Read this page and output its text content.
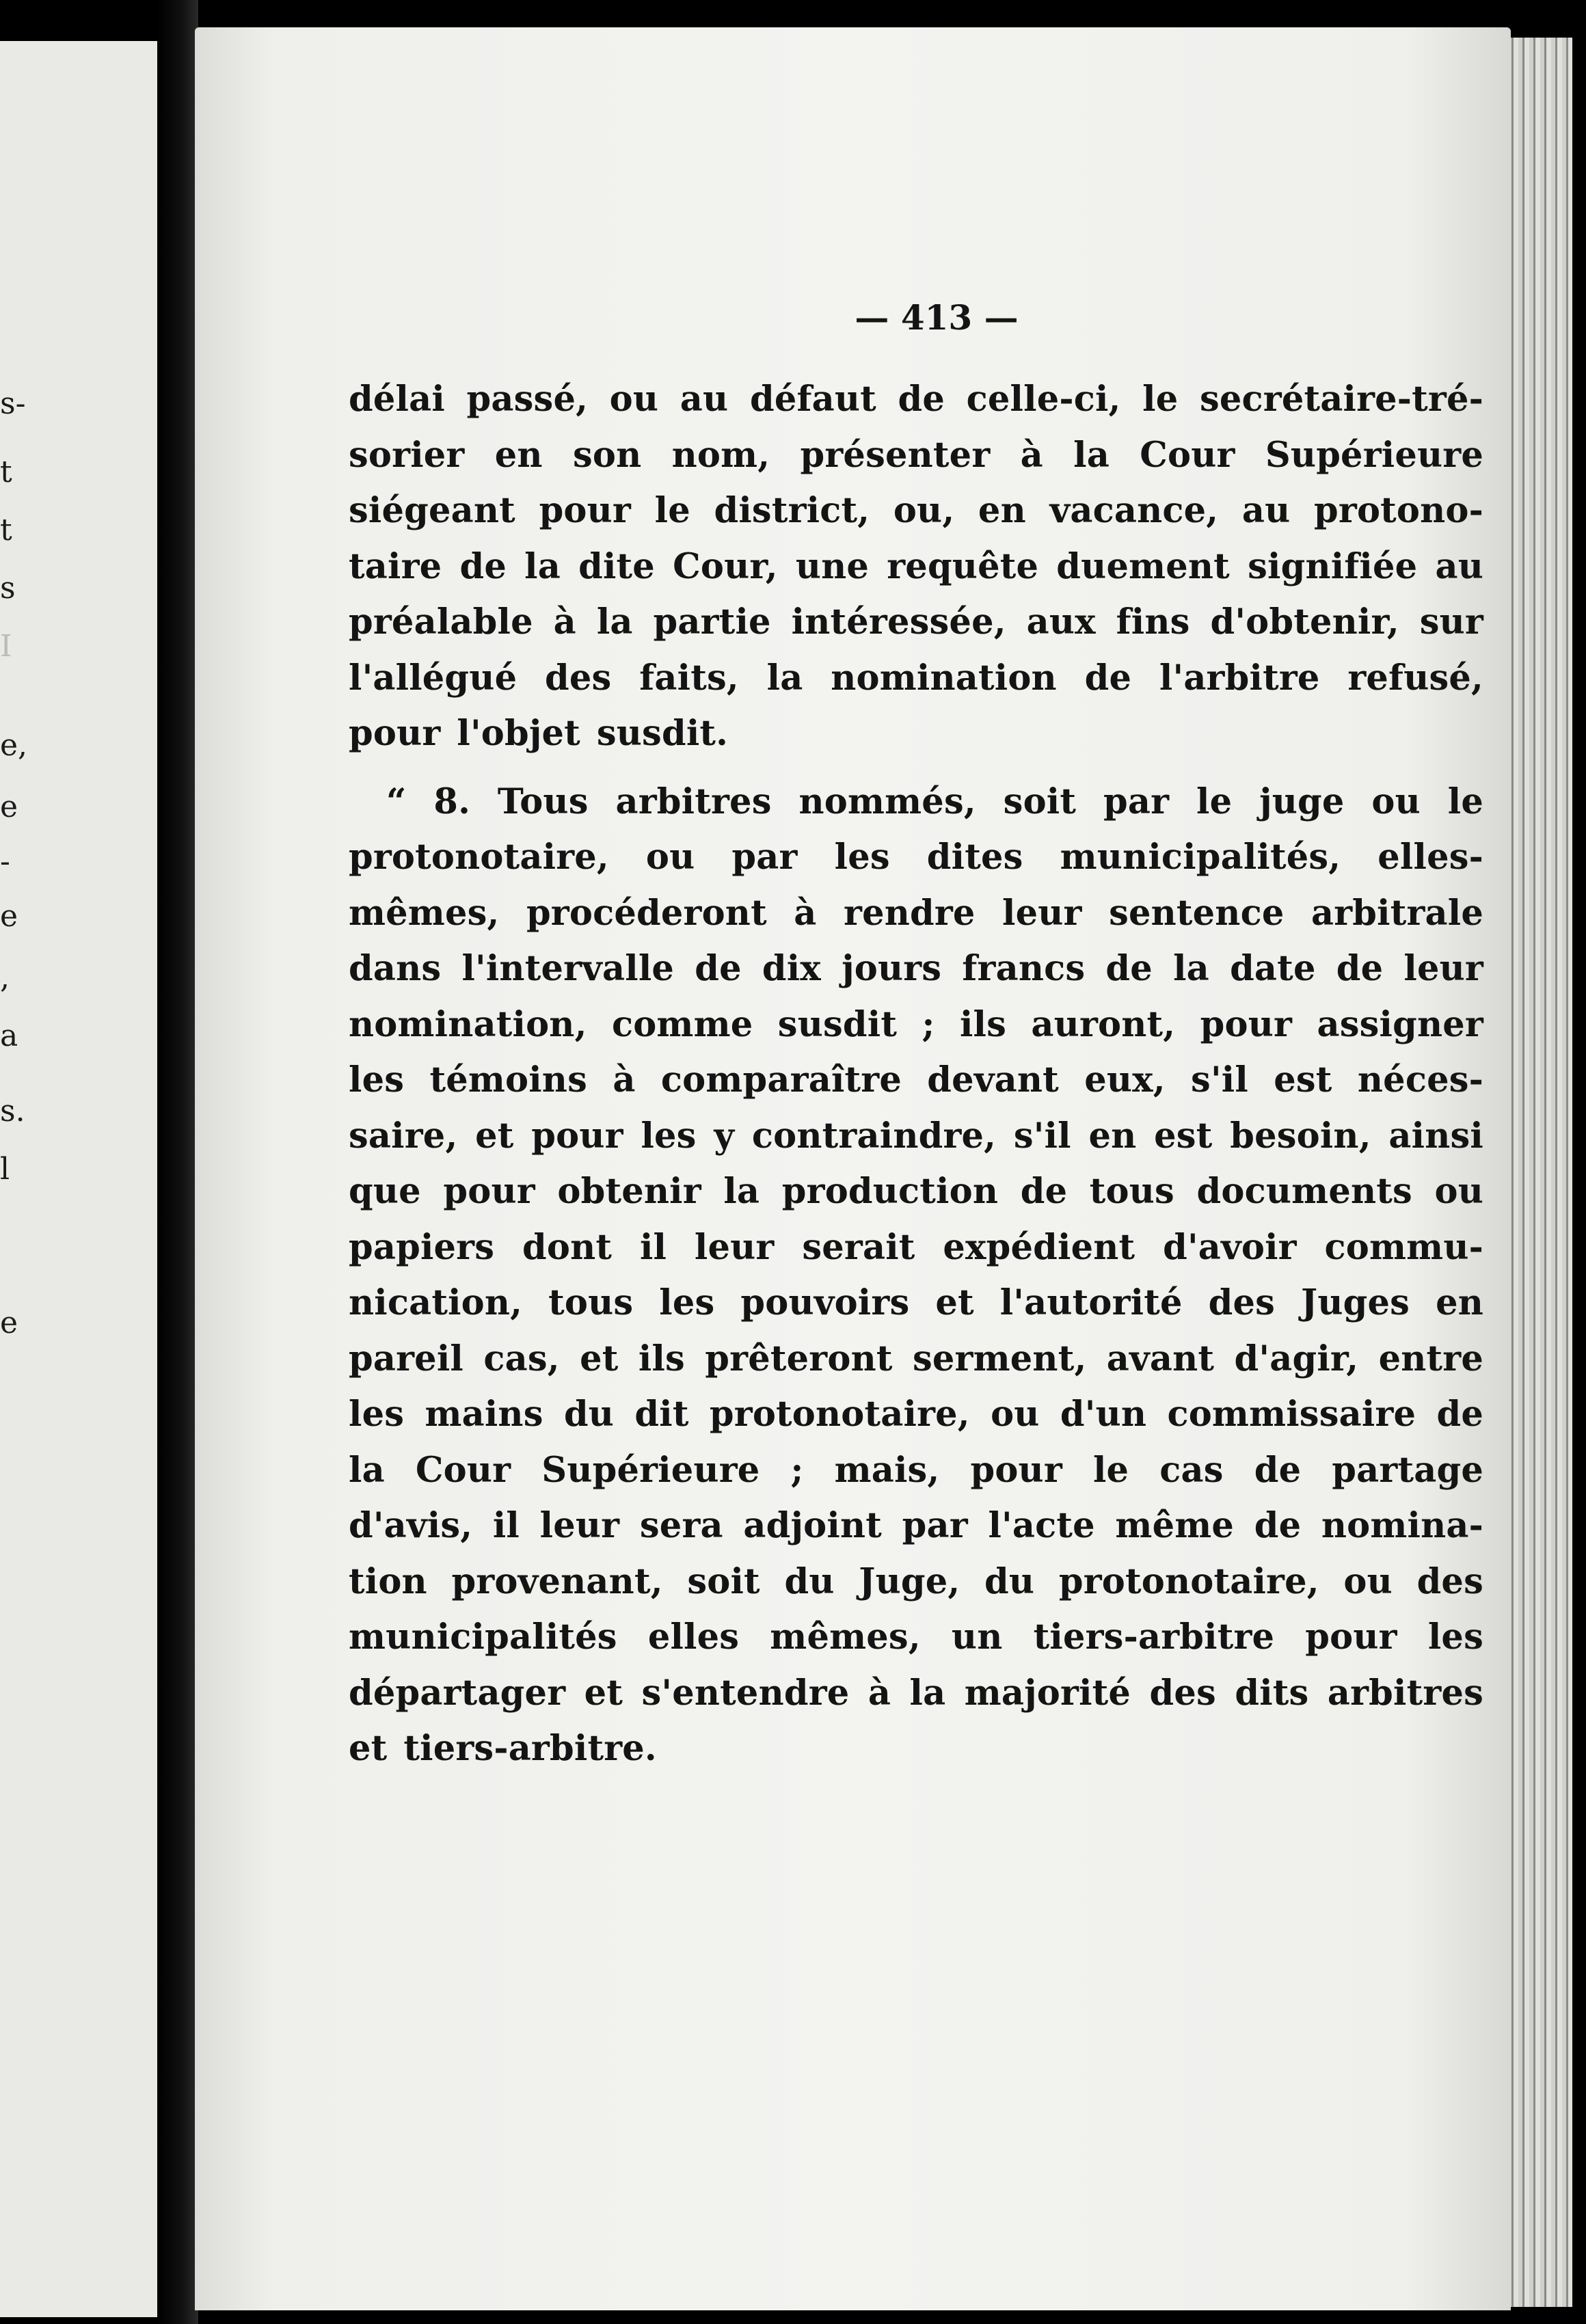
s-
t
t
s
I
e,
e
-
e
,
a
s.
l
e
— 413 —
délai passé, ou au défaut de celle-ci, le secrétaire-tré-
sorier en son nom, présenter à la Cour Supérieure
siégeant pour le district, ou, en vacance, au protono-
taire de la dite Cour, une requête duement signifiée au
préalable à la partie intéressée, aux fins d'obtenir, sur
l'allégué des faits, la nomination de l'arbitre refusé,
pour l'objet susdit.
“ 8. Tous arbitres nommés, soit par le juge ou le
protonotaire, ou par les dites municipalités, elles-
mêmes, procéderont à rendre leur sentence arbitrale
dans l'intervalle de dix jours francs de la date de leur
nomination, comme susdit ; ils auront, pour assigner
les témoins à comparaître devant eux, s'il est néces-
saire, et pour les y contraindre, s'il en est besoin, ainsi
que pour obtenir la production de tous documents ou
papiers dont il leur serait expédient d'avoir commu-
nication, tous les pouvoirs et l'autorité des Juges en
pareil cas, et ils prêteront serment, avant d'agir, entre
les mains du dit protonotaire, ou d'un commissaire de
la Cour Supérieure ; mais, pour le cas de partage
d'avis, il leur sera adjoint par l'acte même de nomina-
tion provenant, soit du Juge, du protonotaire, ou des
municipalités elles mêmes, un tiers-arbitre pour les
départager et s'entendre à la majorité des dits arbitres
et tiers-arbitre.
